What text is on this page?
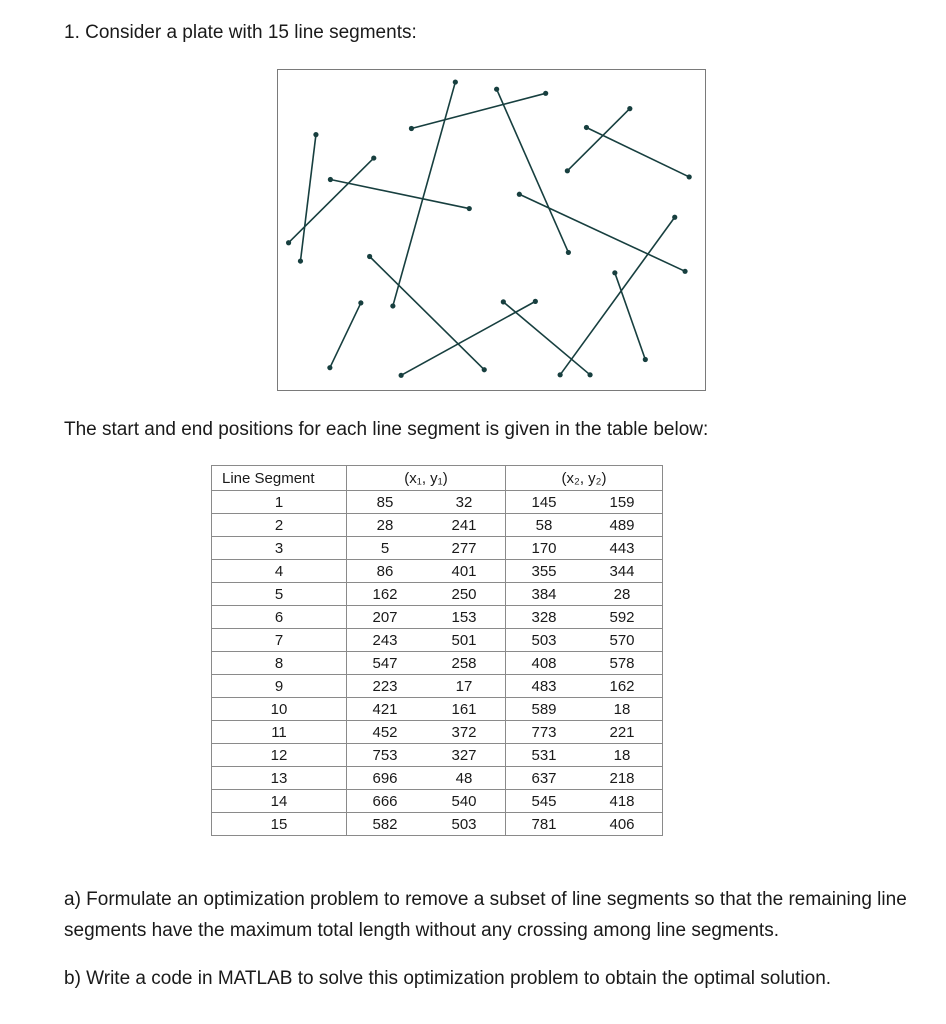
1. Consider a plate with 15 line segments:
The start and end positions for each line segment is given in the table below:
Line Segment	(x₁, y₁)		(x₂, y₂)	
1	85	32	145	159
2	28	241	58	489
3	5	277	170	443
4	86	401	355	344
5	162	250	384	28
6	207	153	328	592
7	243	501	503	570
8	547	258	408	578
9	223	17	483	162
10	421	161	589	18
11	452	372	773	221
12	753	327	531	18
13	696	48	637	218
14	666	540	545	418
15	582	503	781	406
a) Formulate an optimization problem to remove a subset of line segments so that the remaining line segments have the maximum total length without any crossing among line segments.
b) Write a code in MATLAB to solve this optimization problem to obtain the optimal solution.
